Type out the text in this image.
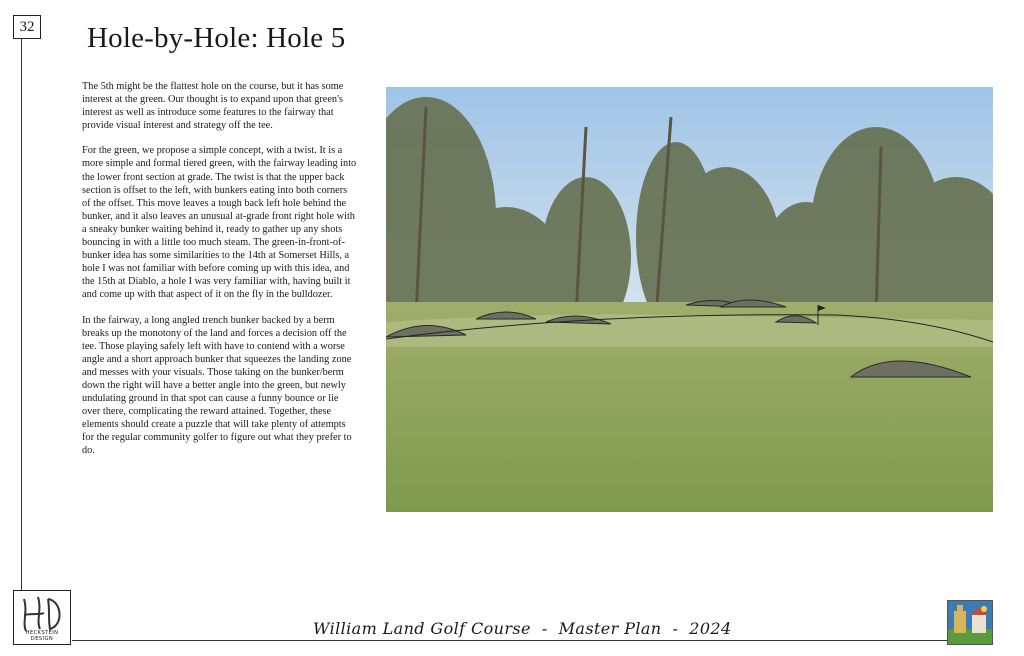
32 Hole-by-Hole: Hole 5

The 5th might be the flattest hole on the course, but it has some interest at the green. Our thought is to expand upon that green's interest as well as introduce some features to the fairway that provide visual interest and strategy off the tee.

For the green, we propose a simple concept, with a twist. It is a more simple and formal tiered green, with the fairway leading into the lower front section at grade. The twist is that the upper back section is offset to the left, with bunkers eating into both corners of the offset. This move leaves a tough back left hole behind the bunker, and it also leaves an unusual at-grade front right hole with a sneaky bunker waiting behind it, ready to gather up any shots bouncing in with a little too much steam. The green-in-front-of-bunker idea has some similarities to the 14th at Somerset Hills, a hole I was not familiar with before coming up with this idea, and the 15th at Diablo, a hole I was very familiar with, having built it and come up with that aspect of it on the fly in the bulldozer.

In the fairway, a long angled trench bunker backed by a berm breaks up the monotony of the land and forces a decision off the tee. Those playing safely left with have to contend with a worse angle and a short approach bunker that squeezes the landing zone and messes with your visuals. Those taking on the bunker/berm down the right will have a better angle into the green, but newly undulating ground in that spot can cause a funny bounce or lie over there, complicating the reward attained. Together, these elements should create a puzzle that will take plenty of attempts for the regular community golfer to figure out what they prefer to do.

HECKSTEIN DESIGN
William Land Golf Course  -  Master Plan  -  2024
